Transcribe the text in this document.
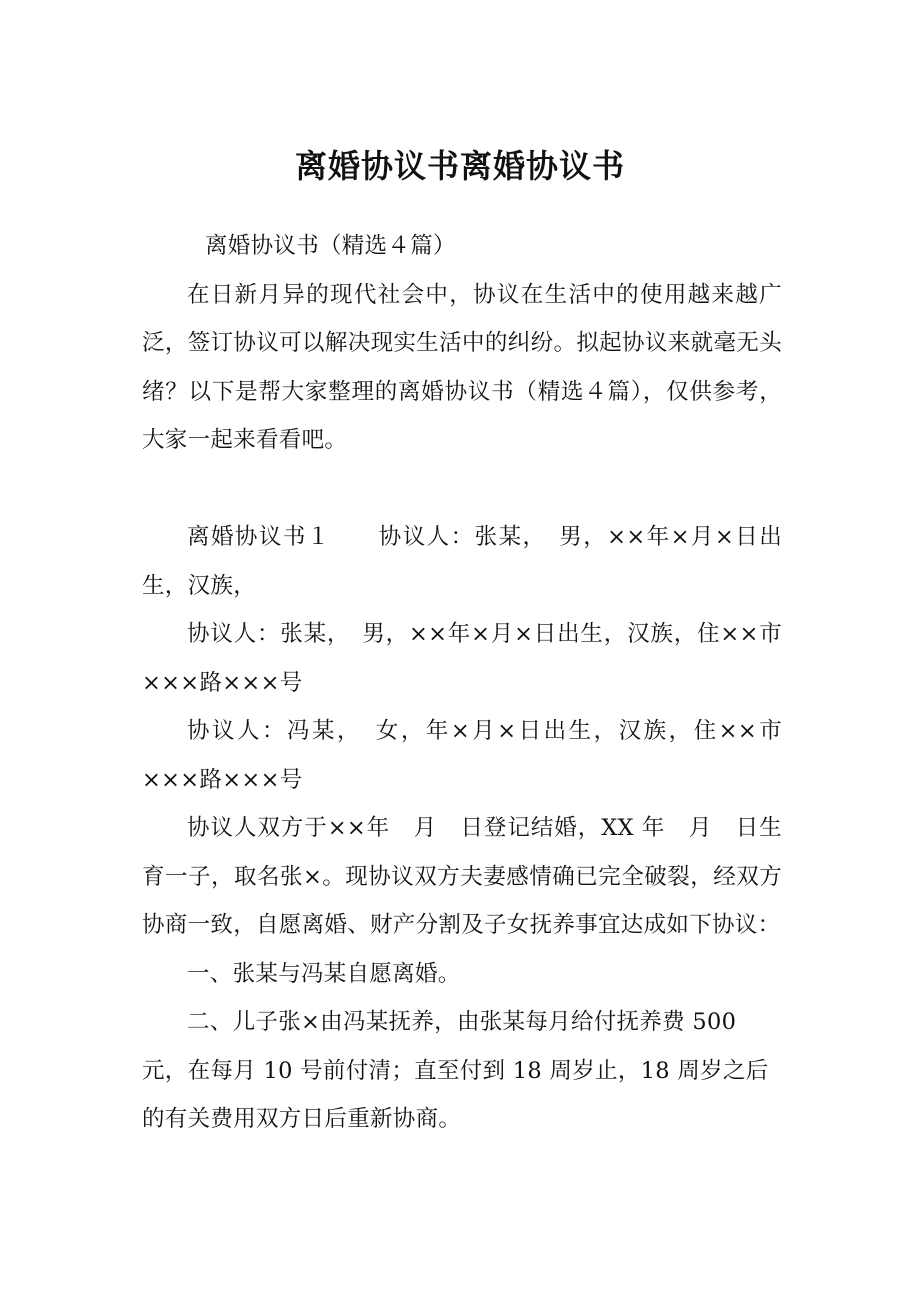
离婚协议书离婚协议书

离婚协议书（精选４篇）

在日新月异的现代社会中，协议在生活中的使用越来越广泛，签订协议可以解决现实生活中的纠纷。拟起协议来就毫无头绪？以下是帮大家整理的离婚协议书（精选４篇），仅供参考，大家一起来看看吧。

离婚协议书１　　协议人：张某，　男，××年×月×日出生，汉族，

协议人：张某，　男，××年×月×日出生，汉族，住××市×××路×××号

协议人：冯某，　女，年×月×日出生，汉族，住××市×××路×××号

协议人双方于××年　月　日登记结婚，XX 年　月　日生育一子，取名张×。现协议双方夫妻感情确已完全破裂，经双方协商一致，自愿离婚、财产分割及子女抚养事宜达成如下协议：

一、张某与冯某自愿离婚。

二、儿子张×由冯某抚养，由张某每月给付抚养费 500 元，在每月 10 号前付清；直至付到 18 周岁止，18 周岁之后的有关费用双方日后重新协商。
